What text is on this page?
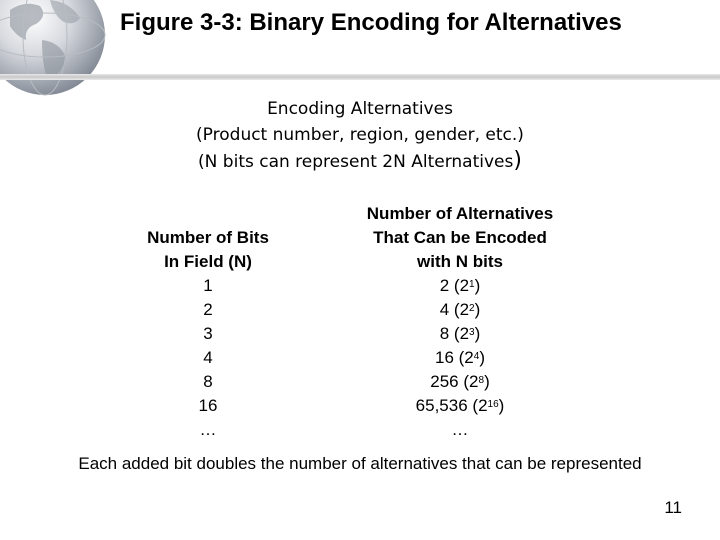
Figure 3-3: Binary Encoding for Alternatives
Encoding Alternatives
(Product number, region, gender, etc.)
(N bits can represent 2N Alternatives)
Number of Bits
In Field (N)
1
2
3
4
8
16
…
Number of Alternatives
That Can be Encoded
with N bits
2 $(2^1)$
4 $(2^2)$
8 $(2^3)$
16 $(2^4)$
256 $(2^8)$
65,536 $(2^{16})$
…
Each added bit doubles the number of alternatives that can be represented
11
